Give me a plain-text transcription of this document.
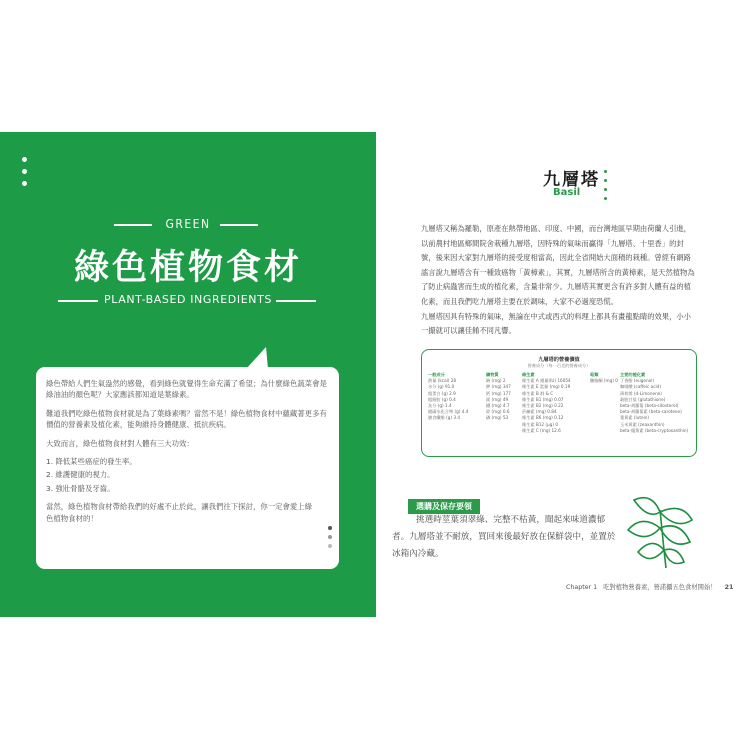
GREEN
綠色植物食材
PLANT-BASED INGREDIENTS

綠色帶給人們生氣盎然的感覺，看到綠色就覺得生命充滿了希望；為什麼綠色蔬菜會是綠油油的顏色呢？大家應該都知道是葉綠素。

難道我們吃綠色植物食材就是為了葉綠素嗎？當然不是！綠色植物食材中蘊藏著更多有價值的營養素及植化素，能夠維持身體健康、抵抗疾病。

大致而言，綠色植物食材對人體有三大功效：

1. 降低某些癌症的發生率。

2. 維護健康的視力。

3. 強壯骨骼及牙齒。

當然，綠色植物食材帶給我們的好處不止於此，讓我們往下探討，你一定會愛上綠色植物食材的！

九層塔
Basil

九層塔又稱為羅勒，原產在熱帶地區、印度、中國，而台灣地區早期由荷蘭人引進，以前農村地區鄉間院舍栽種九層塔，因特殊的氣味而贏得「九層塔、十里香」的封號，後來因大家對九層塔的接受度相當高，因此全省開始大面積的栽種。曾經有網路謠言說九層塔含有一種致癌物「黃樟素」，其實，九層塔所含的黃樟素，是天然植物為了防止病蟲害而生成的植化素，含量非常少。九層塔其實更含有許多對人體有益的植化素，而且我們吃九層塔主要在於調味，大家不必過度恐慌。

九層塔因具有特殊的氣味，無論在中式或西式的料理上都具有畫龍點睛的效果，小小一撮就可以讓佳餚不同凡響。

九層塔的營養價值
營養成分（每一百克的營養成分）
一般成分
熱量 (kcal) 28
水分 (g) 91.0
粗蛋白 (g) 2.9
粗脂肪 (g) 0.4
灰分 (g) 1.4
總碳水化合物 (g) 4.4
膳食纖維 (g) 3.4
礦物質
鈉 (mg) 2
鉀 (mg) 347
鈣 (mg) 177
鎂 (mg) 49
鐵 (mg) 4.7
鋅 (mg) 0.6
磷 (mg) 53
維生素
維生素 A 總量(IU) 16054
維生素 E 當量 (mg) 0.19
維生素 B 群 & C
維生素 B1 (mg) 0.07
維生素 B2 (mg) 0.22
菸鹼素 (mg) 0.84
維生素 B6 (mg) 0.12
維生素 B12 (μg) 0
維生素 C (mg) 12.6
萜類
醣脂酮 (mg) 0
主要的植化素
丁香酚 (eugenol)
咖啡酸 (caffeic acid)
薄荷烯 (d-Limonene)
穀胱甘肽 (glutathione)
beta-胡蘿蔔 (beta-sitosterol)
beta-胡蘿蔔素 (beta-carotene)
葉黃素 (lutein)
玉米黃素 (zeaxanthin)
beta-隱黃素 (beta-cryptoxanthin)
選購及保存要領

挑選時莖葉須翠綠、完整不枯黃，聞起來味道濃郁者。九層塔並不耐放，買回來後最好放在保鮮袋中，並置於冰箱內冷藏。

Chapter 1 吃對植物營養素，營諾攝五色食材開始！ 21
